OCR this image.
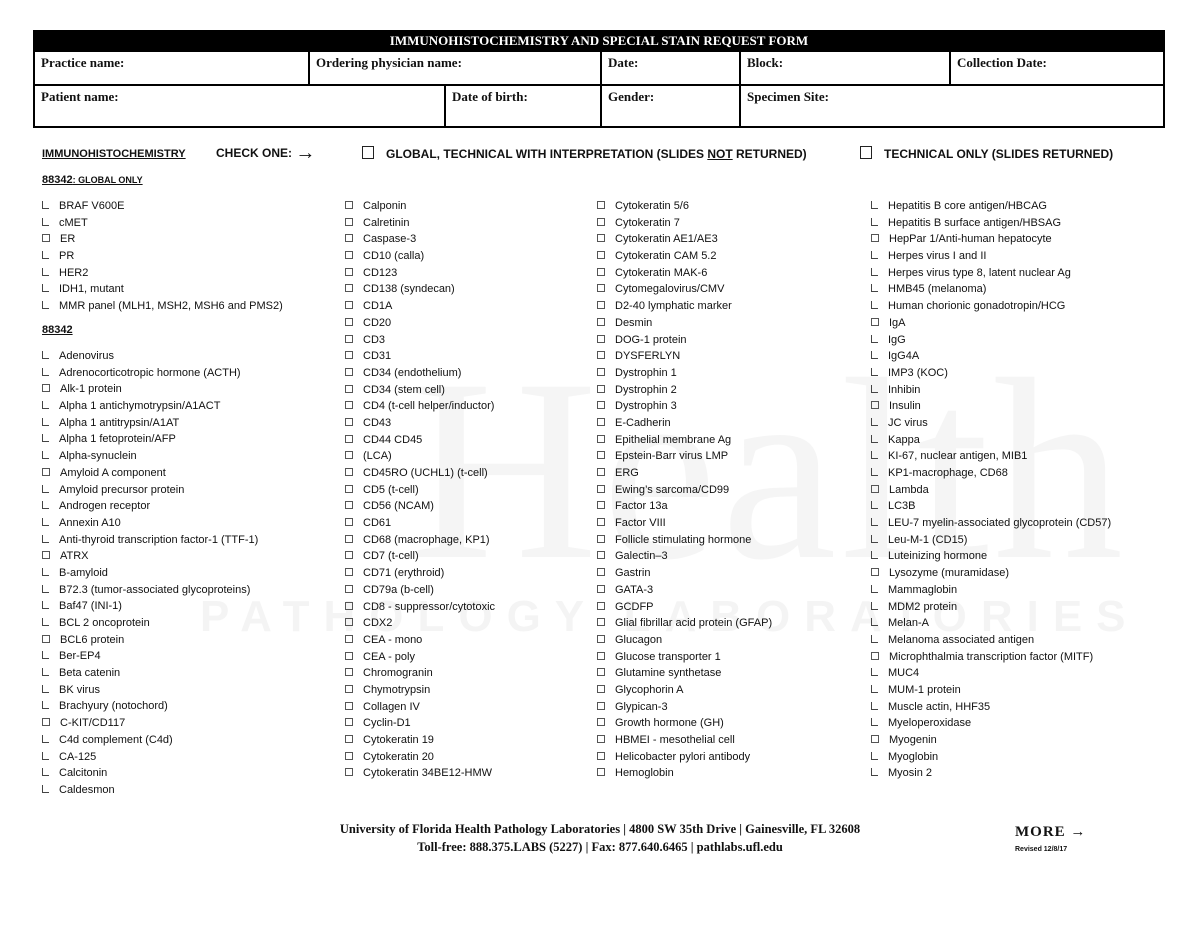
IMMUNOHISTOCHEMISTRY AND SPECIAL STAIN REQUEST FORM
Practice name:	Ordering physician name:	Date:	Block:	Collection Date:
Patient name:	Date of birth:	Gender:	Specimen Site:
IMMUNOHISTOCHEMISTRY	CHECK ONE: →	GLOBAL, TECHNICAL WITH INTERPRETATION (SLIDES NOT RETURNED)	TECHNICAL ONLY (SLIDES RETURNED)
88342: GLOBAL ONLY
BRAF V600E
cMET
ER
PR
HER2
IDH1, mutant
MMR panel (MLH1, MSH2, MSH6 and PMS2)
88342
Adenovirus
Adrenocorticotropic hormone (ACTH)
Alk-1 protein
Alpha 1 antichymotrypsin/A1ACT
Alpha 1 antitrypsin/A1AT
Alpha 1 fetoprotein/AFP
Alpha-synuclein
Amyloid A component
Amyloid precursor protein
Androgen receptor
Annexin A10
Anti-thyroid transcription factor-1 (TTF-1)
ATRX
B-amyloid
B72.3 (tumor-associated glycoproteins)
Baf47 (INI-1)
BCL 2 oncoprotein
BCL6 protein
Ber-EP4
Beta catenin
BK virus
Brachyury (notochord)
C-KIT/CD117
C4d complement (C4d)
CA-125
Calcitonin
Caldesmon
Calponin
Calretinin
Caspase-3
CD10 (calla)
CD123
CD138 (syndecan)
CD1A
CD20
CD3
CD31
CD34 (endothelium)
CD34 (stem cell)
CD4 (t-cell helper/inductor)
CD43
CD44 CD45
(LCA)
CD45RO (UCHL1) (t-cell)
CD5 (t-cell)
CD56 (NCAM)
CD61
CD68 (macrophage, KP1)
CD7 (t-cell)
CD71 (erythroid)
CD79a (b-cell)
CD8 - suppressor/cytotoxic
CDX2
CEA - mono
CEA - poly
Chromogranin
Chymotrypsin
Collagen IV
Cyclin-D1
Cytokeratin 19
Cytokeratin 20
Cytokeratin 34BE12-HMW
Cytokeratin 5/6
Cytokeratin 7
Cytokeratin AE1/AE3
Cytokeratin CAM 5.2
Cytokeratin MAK-6
Cytomegalovirus/CMV
D2-40 lymphatic marker
Desmin
DOG-1 protein
DYSFERLYN
Dystrophin 1
Dystrophin 2
Dystrophin 3
E-Cadherin
Epithelial membrane Ag
Epstein-Barr virus LMP
ERG
Ewing’s sarcoma/CD99
Factor 13a
Factor VIII
Follicle stimulating hormone
Galectin–3
Gastrin
GATA-3
GCDFP
Glial fibrillar acid protein (GFAP)
Glucagon
Glucose transporter 1
Glutamine synthetase
Glycophorin A
Glypican-3
Growth hormone (GH)
HBMEI - mesothelial cell
Helicobacter pylori antibody
Hemoglobin
Hepatitis B core antigen/HBCAG
Hepatitis B surface antigen/HBSAG
HepPar 1/Anti-human hepatocyte
Herpes virus I and II
Herpes virus type 8, latent nuclear Ag
HMB45 (melanoma)
Human chorionic gonadotropin/HCG
IgA
IgG
IgG4A
IMP3 (KOC)
Inhibin
Insulin
JC virus
Kappa
KI-67, nuclear antigen, MIB1
KP1-macrophage, CD68
Lambda
LC3B
LEU-7 myelin-associated glycoprotein (CD57)
Leu-M-1 (CD15)
Luteinizing hormone
Lysozyme (muramidase)
Mammaglobin
MDM2 protein
Melan-A
Melanoma associated antigen
Microphthalmia transcription factor (MITF)
MUC4
MUM-1 protein
Muscle actin, HHF35
Myeloperoxidase
Myogenin
Myoglobin
Myosin 2
University of Florida Health Pathology Laboratories | 4800 SW 35th Drive | Gainesville, FL 32608
Toll-free: 888.375.LABS (5227) | Fax: 877.640.6465 | pathlabs.ufl.edu
MORE →
Revised 12/8/17
